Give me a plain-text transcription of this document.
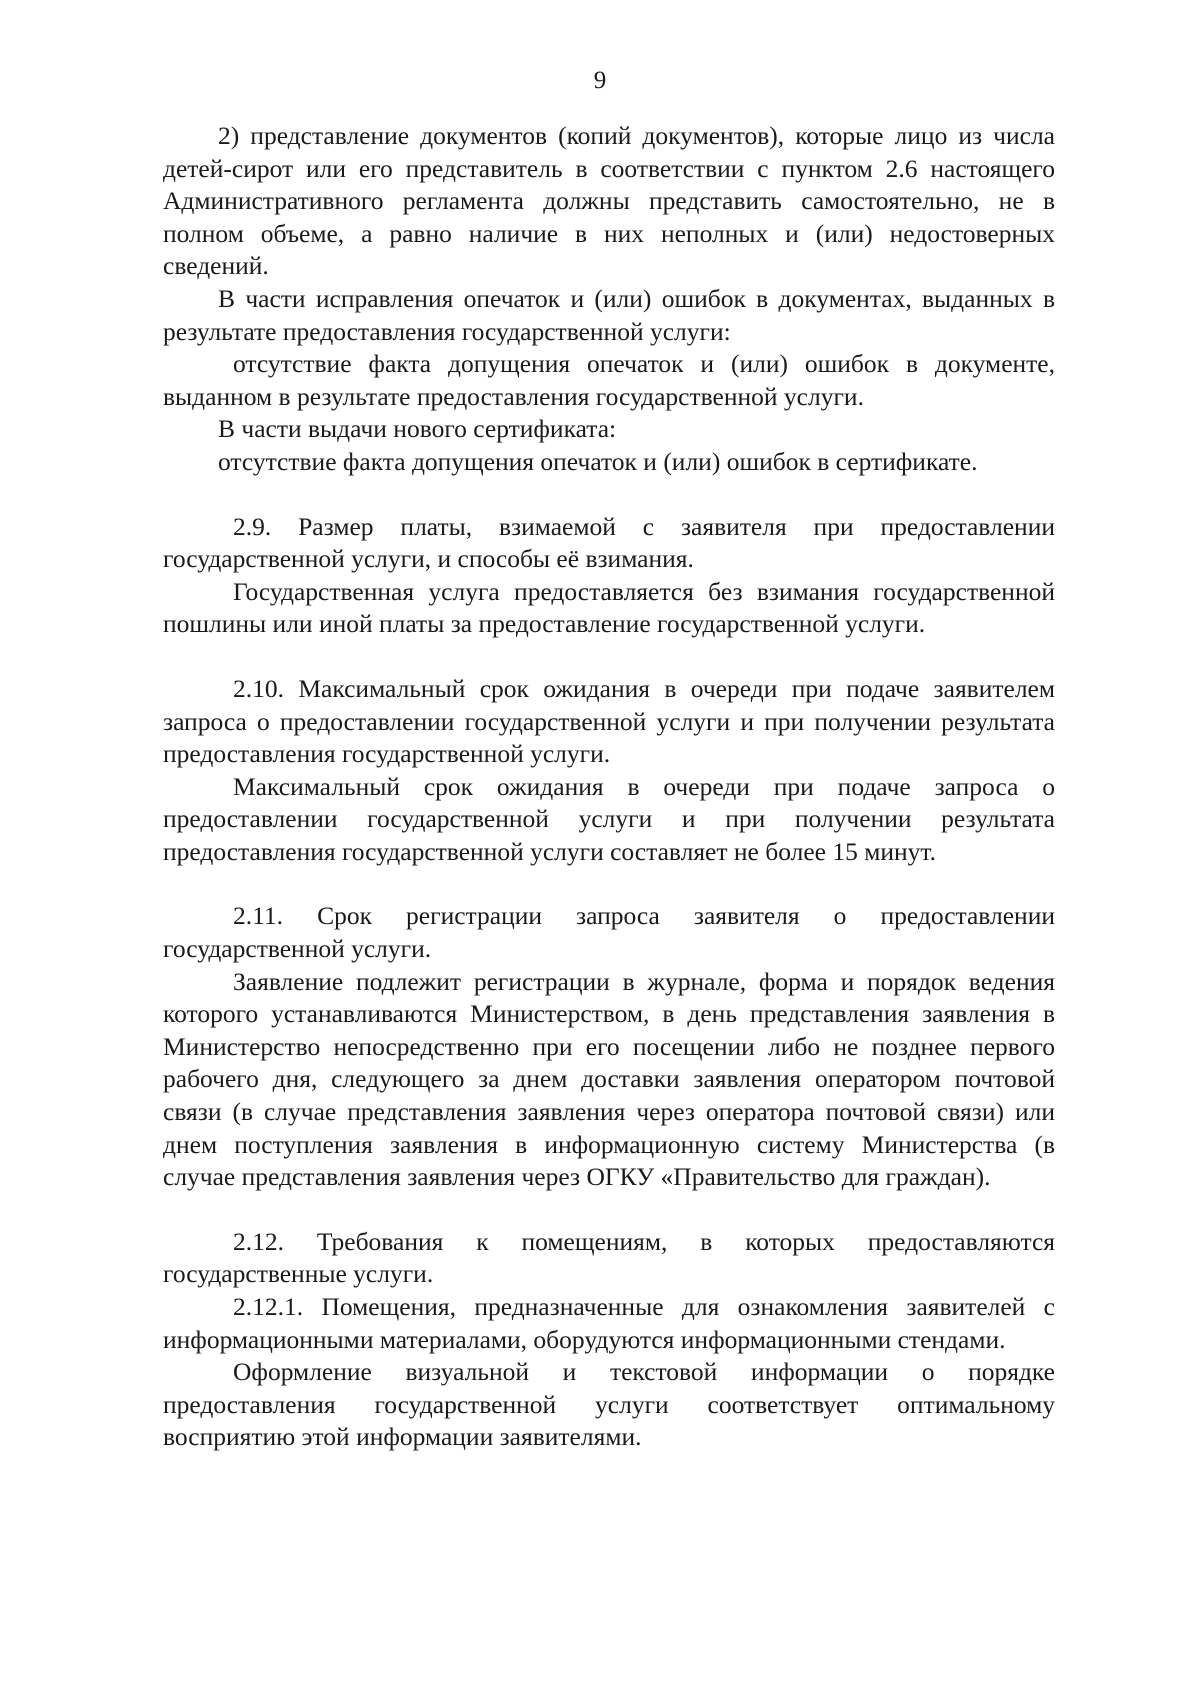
9

2) представление документов (копий документов), которые лицо из числа детей-сирот или его представитель в соответствии с пунктом 2.6 настоящего Административного регламента должны представить самостоятельно, не в полном объеме, а равно наличие в них неполных и (или) недостоверных сведений.

В части исправления опечаток и (или) ошибок в документах, выданных в результате предоставления государственной услуги:

отсутствие факта допущения опечаток и (или) ошибок в документе, выданном в результате предоставления государственной услуги.

В части выдачи нового сертификата:

отсутствие факта допущения опечаток и (или) ошибок в сертификате.

2.9. Размер платы, взимаемой с заявителя при предоставлении государственной услуги, и способы её взимания.

Государственная услуга предоставляется без взимания государственной пошлины или иной платы за предоставление государственной услуги.

2.10. Максимальный срок ожидания в очереди при подаче заявителем запроса о предоставлении государственной услуги и при получении результата предоставления государственной услуги.

Максимальный срок ожидания в очереди при подаче запроса о предоставлении государственной услуги и при получении результата предоставления государственной услуги составляет не более 15 минут.

2.11. Срок регистрации запроса заявителя о предоставлении государственной услуги.

Заявление подлежит регистрации в журнале, форма и порядок ведения которого устанавливаются Министерством, в день представления заявления в Министерство непосредственно при его посещении либо не позднее первого рабочего дня, следующего за днем доставки заявления оператором почтовой связи (в случае представления заявления через оператора почтовой связи) или днем поступления заявления в информационную систему Министерства (в случае представления заявления через ОГКУ «Правительство для граждан).

2.12. Требования к помещениям, в которых предоставляются государственные услуги.

2.12.1. Помещения, предназначенные для ознакомления заявителей с информационными материалами, оборудуются информационными стендами.

Оформление визуальной и текстовой информации о порядке предоставления государственной услуги соответствует оптимальному восприятию этой информации заявителями.
